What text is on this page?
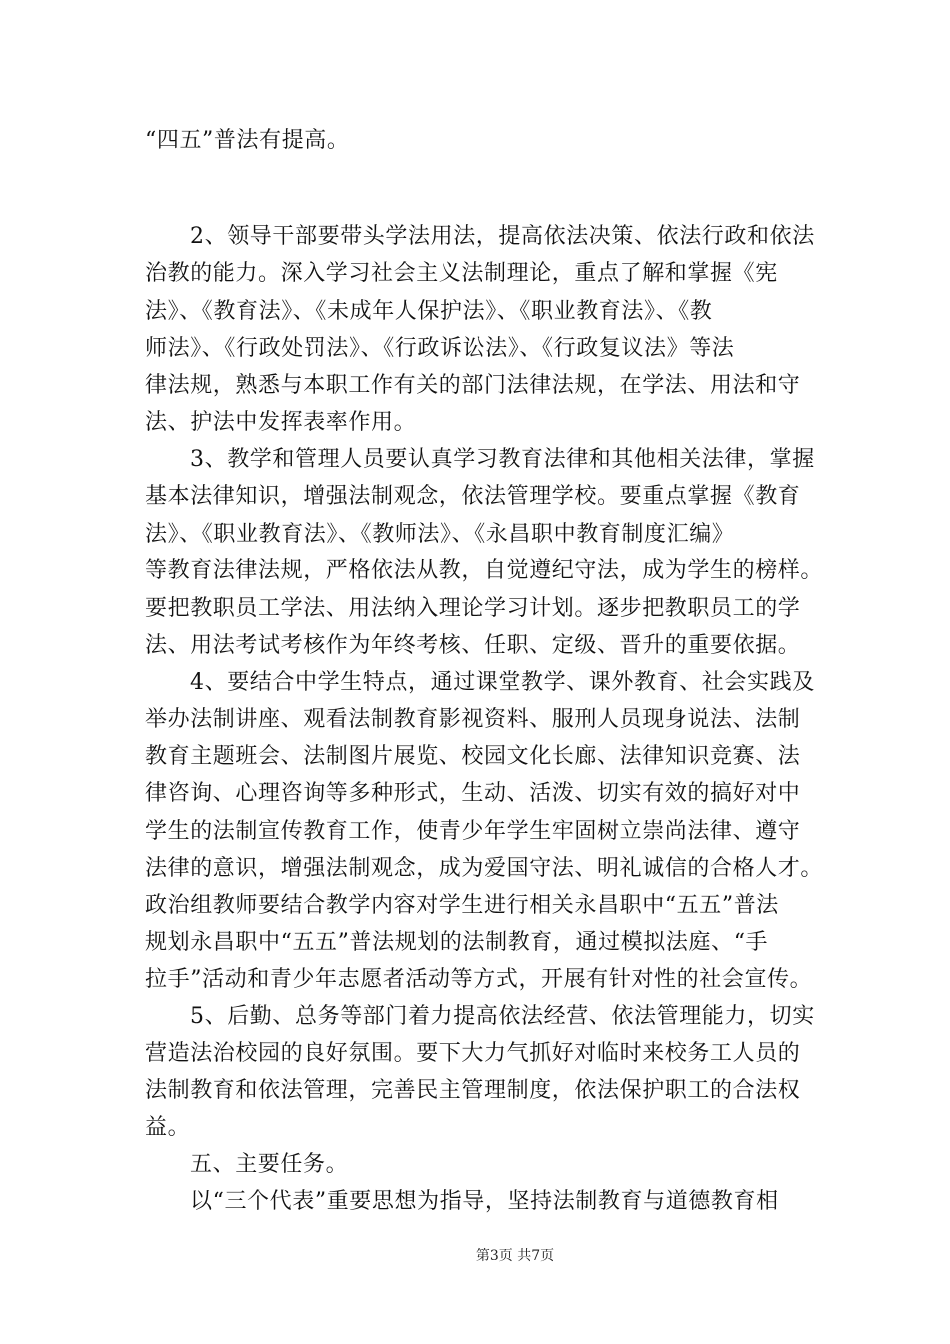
“四五”普法有提高。
2、领导干部要带头学法用法，提高依法决策、依法行政和依法
治教的能力。深入学习社会主义法制理论，重点了解和掌握《宪
法》、《教育法》、《未成年人保护法》、《职业教育法》、《教
师法》、《行政处罚法》、《行政诉讼法》、《行政复议法》等法
律法规，熟悉与本职工作有关的部门法律法规，在学法、用法和守
法、护法中发挥表率作用。
3、教学和管理人员要认真学习教育法律和其他相关法律，掌握
基本法律知识，增强法制观念，依法管理学校。要重点掌握《教育
法》、《职业教育法》、《教师法》、《永昌职中教育制度汇编》
等教育法律法规，严格依法从教，自觉遵纪守法，成为学生的榜样。
要把教职员工学法、用法纳入理论学习计划。逐步把教职员工的学
法、用法考试考核作为年终考核、任职、定级、晋升的重要依据。
4、要结合中学生特点，通过课堂教学、课外教育、社会实践及
举办法制讲座、观看法制教育影视资料、服刑人员现身说法、法制
教育主题班会、法制图片展览、校园文化长廊、法律知识竞赛、法
律咨询、心理咨询等多种形式，生动、活泼、切实有效的搞好对中
学生的法制宣传教育工作，使青少年学生牢固树立崇尚法律、遵守
法律的意识，增强法制观念，成为爱国守法、明礼诚信的合格人才。
政治组教师要结合教学内容对学生进行相关永昌职中“五五”普法
规划永昌职中“五五”普法规划的法制教育，通过模拟法庭、“手
拉手”活动和青少年志愿者活动等方式，开展有针对性的社会宣传。
5、后勤、总务等部门着力提高依法经营、依法管理能力，切实
营造法治校园的良好氛围。要下大力气抓好对临时来校务工人员的
法制教育和依法管理，完善民主管理制度，依法保护职工的合法权
益。
五、主要任务。
以“三个代表”重要思想为指导，坚持法制教育与道德教育相
第3页 共7页
